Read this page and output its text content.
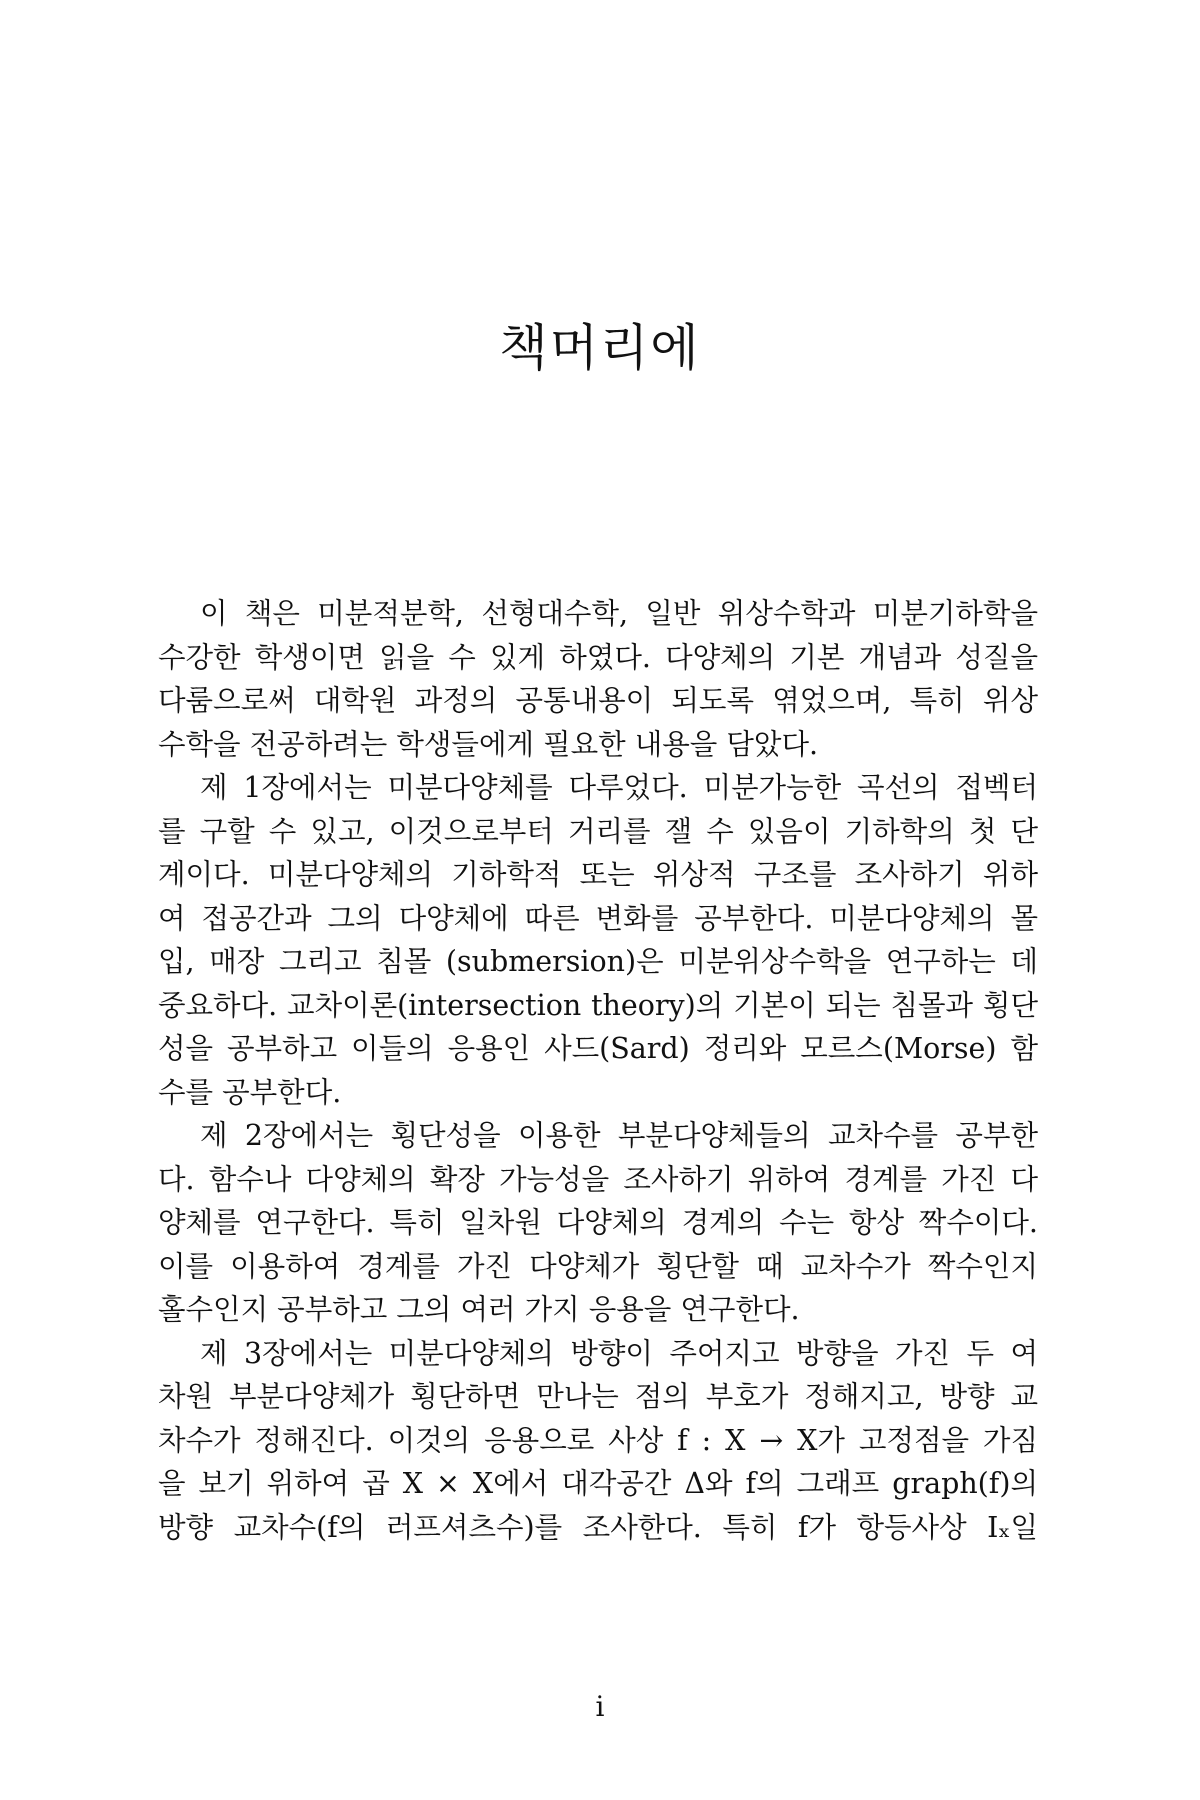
책머리에
이 책은 미분적분학, 선형대수학, 일반 위상수학과 미분기하학을
수강한 학생이면 읽을 수 있게 하였다. 다양체의 기본 개념과 성질을
다룸으로써 대학원 과정의 공통내용이 되도록 엮었으며, 특히 위상
수학을 전공하려는 학생들에게 필요한 내용을 담았다.
제 1장에서는 미분다양체를 다루었다. 미분가능한 곡선의 접벡터
를 구할 수 있고, 이것으로부터 거리를 잴 수 있음이 기하학의 첫 단
계이다. 미분다양체의 기하학적 또는 위상적 구조를 조사하기 위하
여 접공간과 그의 다양체에 따른 변화를 공부한다. 미분다양체의 몰
입, 매장 그리고 침몰 (submersion)은 미분위상수학을 연구하는 데
중요하다. 교차이론(intersection theory)의 기본이 되는 침몰과 횡단
성을 공부하고 이들의 응용인 사드(Sard) 정리와 모르스(Morse) 함
수를 공부한다.
제 2장에서는 횡단성을 이용한 부분다양체들의 교차수를 공부한
다. 함수나 다양체의 확장 가능성을 조사하기 위하여 경계를 가진 다
양체를 연구한다. 특히 일차원 다양체의 경계의 수는 항상 짝수이다.
이를 이용하여 경계를 가진 다양체가 횡단할 때 교차수가 짝수인지
홀수인지 공부하고 그의 여러 가지 응용을 연구한다.
제 3장에서는 미분다양체의 방향이 주어지고 방향을 가진 두 여
차원 부분다양체가 횡단하면 만나는 점의 부호가 정해지고, 방향 교
차수가 정해진다. 이것의 응용으로 사상 f : X → X가 고정점을 가짐
을 보기 위하여 곱 X × X에서 대각공간 Δ와 f의 그래프 graph(f)의
방향 교차수(f의 러프셔츠수)를 조사한다. 특히 f가 항등사상 Iₓ일
i
